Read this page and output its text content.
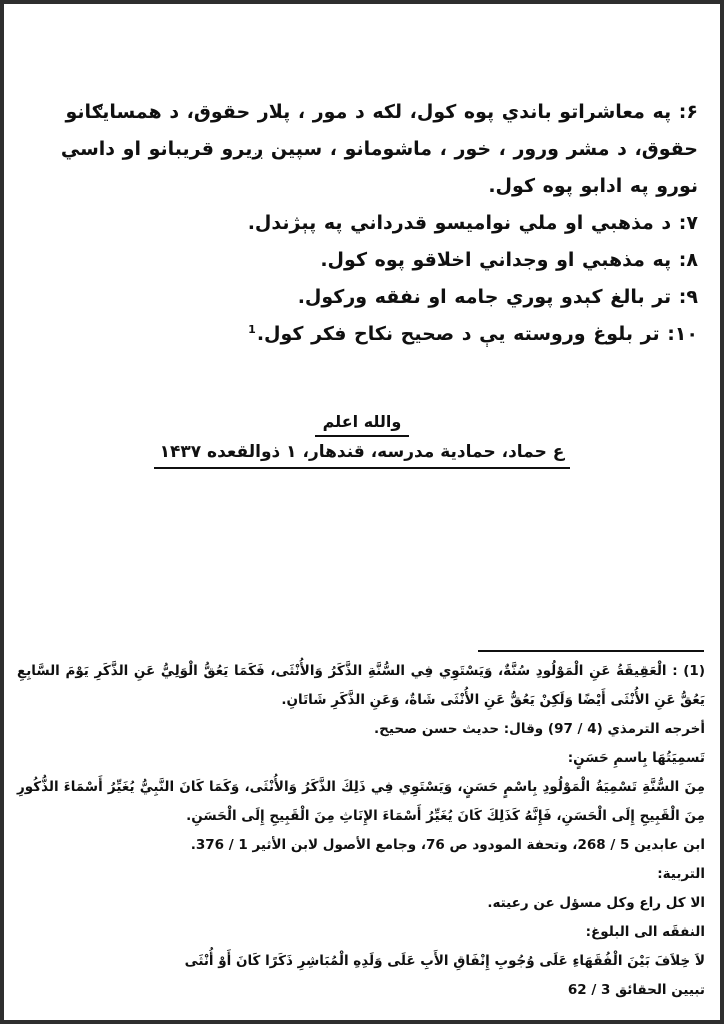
۶: په معاشراتو باندي پوه کول، لکه د مور ، پلار حقوق، د همسايګانو حقوق، د مشر ورور ، خور ، ماشومانو ، سپين ږيرو قريبانو او داسي نورو په ادابو پوه کول.
۷: د مذهبي او ملي نواميسو قدرداني په پېژندل.
۸: په مذهبي او وجداني اخلاقو پوه کول.
۹: تر بالغ کېدو پوري جامه او نفقه ورکول.
۱۰: تر بلوغ وروسته يې د صحيح نکاح فکر کول.$^1$
والله اعلم
ع حماد، حمادية مدرسه، قندهار، ۱ ذوالقعده ۱۴۳۷
(1) : الْعَقِيقَةُ عَنِ الْمَوْلُودِ سُنَّةٌ، وَيَسْتَوِي فِي السُّنَّةِ الذَّكَرُ وَالأُنْثَى، فَكَمَا يَعُقُّ الْوَلِيُّ عَنِ الذَّكَرِ يَوْمَ السَّابِعِ يَعُقُّ عَنِ الأُنْثَى أَيْضًا وَلَكِنْ يَعُقُّ عَنِ الأُنْثَى شَاةٌ، وَعَنِ الذَّكَرِ شَاتَانِ.
أخرجه الترمذي (4 / 97) وقال: حديث حسن صحيح.
تَسمِيَتُهَا بِاسمِ حَسَنٍ:
مِنَ السُّنَّةِ تَسْمِيَةُ الْمَوْلُودِ بِاسْمٍ حَسَنٍ، وَيَسْتَوِي فِي ذَلِكَ الذَّكَرُ وَالأُنْثَى، وَكَمَا كَانَ النَّبِيُّ يُغَيِّرُ أَسْمَاءَ الذُّكُورِ مِنَ الْقَبِيحِ إِلَى الْحَسَنِ، فَإِنَّهُ كَذَلِكَ كَانَ يُغَيِّرُ أَسْمَاءَ الإِنَاثِ مِنَ الْقَبِيحِ إِلَى الْحَسَنِ.
ابن عابدين 5 / 268، وتحفة المودود ص 76، وجامع الأصول لابن الأثير 1 / 376.
التربية:
الا كل راع وكل مسؤل عن رعيته.
النفقَه الى البلوغ:
لاَ خِلاَفَ بَيْنَ الْفُقَهَاءِ عَلَى وُجُوبِ إِنْفَاقِ الأَبِ عَلَى وَلَدِهِ الْمُبَاشِرِ ذَكَرًا كَانَ أَوْ أُنْثَى
تبيين الحقائق 3 / 62
